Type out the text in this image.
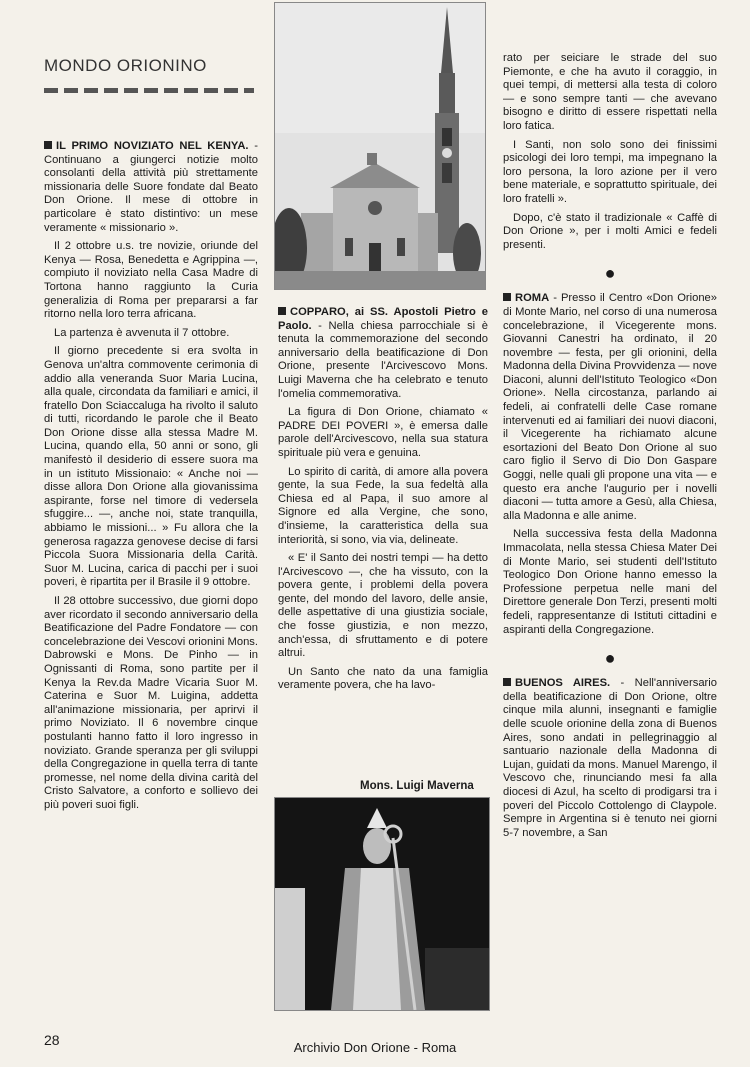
MONDO ORIONINO

IL PRIMO NOVIZIATO NEL KENYA. - Continuano a giungerci notizie molto consolanti della attività più strettamente missionaria delle Suore fondate dal Beato Don Orione. Il mese di ottobre in particolare è stato distintivo: un mese veramente « missionario ».

Il 2 ottobre u.s. tre novizie, oriunde del Kenya — Rosa, Benedetta e Agrippina —, compiuto il noviziato nella Casa Madre di Tortona hanno raggiunto la Curia generalizia di Roma per prepararsi a far ritorno nella loro terra africana.

La partenza è avvenuta il 7 ottobre.

Il giorno precedente si era svolta in Genova un'altra commovente cerimonia di addio alla veneranda Suor Maria Lucina, alla quale, circondata da familiari e amici, il fratello Don Sciaccaluga ha rivolto il saluto di tutti, ricordando le parole che il Beato Don Orione disse alla stessa Madre M. Lucina, quando ella, 50 anni or sono, gli manifestò il desiderio di essere suora ma in un istituto Missionaio: « Anche noi — disse allora Don Orione alla giovanissima aspirante, forse nel timore di vedersela sfuggire... —, anche noi, state tranquilla, abbiamo le missioni... » Fu allora che la generosa ragazza genovese decise di farsi Piccola Suora Missionaria della Carità. Suor M. Lucina, carica di pacchi per i suoi poveri, è ripartita per il Brasile il 9 ottobre.

Il 28 ottobre successivo, due giorni dopo aver ricordato il secondo anniversario della Beatificazione del Padre Fondatore — con concelebrazione dei Vescovi orionini Mons. Dabrowski e Mons. De Pinho — in Ognissanti di Roma, sono partite per il Kenya la Rev.da Madre Vicaria Suor M. Caterina e Suor M. Luigina, addetta all'animazione missionaria, per aprirvi il primo Noviziato. Il 6 novembre cinque postulanti hanno fatto il loro ingresso in noviziato. Grande speranza per gli sviluppi della Congregazione in quella terra di tante promesse, nel nome della divina carità del Cristo Salvatore, a conforto e sollievo dei più poveri suoi figli.

COPPARO, ai SS. Apostoli Pietro e Paolo. - Nella chiesa parrocchiale si è tenuta la commemorazione del secondo anniversario della beatificazione di Don Orione, presente l'Arcivescovo Mons. Luigi Maverna che ha celebrato e tenuto l'omelia commemorativa.

La figura di Don Orione, chiamato « PADRE DEI POVERI », è emersa dalle parole dell'Arcivescovo, nella sua statura spirituale più vera e genuina.

Lo spirito di carità, di amore alla povera gente, la sua Fede, la sua fedeltà alla Chiesa ed al Papa, il suo amore al Signore ed alla Vergine, che sono, d'insieme, la caratteristica della sua interiorità, si sono, via via, delineate.

« E' il Santo dei nostri tempi — ha detto l'Arcivescovo —, che ha vissuto, con la povera gente, i problemi della povera gente, del mondo del lavoro, delle ansie, delle aspettative di una giustizia sociale, che fosse giustizia, e non mezzo, anch'essa, di sfruttamento e di potere altrui.

Un Santo che nato da una famiglia veramente povera, che ha lavo-

Mons. Luigi Maverna

rato per seiciare le strade del suo Piemonte, e che ha avuto il coraggio, in quei tempi, di mettersi alla testa di coloro — e sono sempre tanti — che avevano bisogno e diritto di essere rispettati nella loro fatica.

I Santi, non solo sono dei finissimi psicologi dei loro tempi, ma impegnano la loro persona, la loro azione per il vero bene materiale, e soprattutto spirituale, dei loro fratelli ».

Dopo, c'è stato il tradizionale « Caffè di Don Orione », per i molti Amici e fedeli presenti.

●

ROMA - Presso il Centro «Don Orione» di Monte Mario, nel corso di una numerosa concelebrazione, il Vicegerente mons. Giovanni Canestri ha ordinato, il 20 novembre — festa, per gli orionini, della Madonna della Divina Provvidenza — nove Diaconi, alunni dell'Istituto Teologico «Don Orione». Nella circostanza, parlando ai fedeli, ai confratelli delle Case romane intervenuti ed ai familiari dei nuovi diaconi, il Vicegerente ha richiamato alcune esortazioni del Beato Don Orione al suo caro figlio il Servo di Dio Don Gaspare Goggi, nelle quali gli propone una vita — e questo era anche l'augurio per i novelli diaconi — tutta amore a Gesù, alla Chiesa, alla Madonna e alle anime.

Nella successiva festa della Madonna Immacolata, nella stessa Chiesa Mater Dei di Monte Mario, sei studenti dell'Istituto Teologico Don Orione hanno emesso la Professione perpetua nelle mani del Direttore generale Don Terzi, presenti molti fedeli, rappresentanze di Istituti cittadini e aspiranti della Congregazione.

●

BUENOS AIRES. - Nell'anniversario della beatificazione di Don Orione, oltre cinque mila alunni, insegnanti e famiglie delle scuole orionine della zona di Buenos Aires, sono andati in pellegrinaggio al santuario nazionale della Madonna di Lujan, guidati da mons. Manuel Marengo, il Vescovo che, rinunciando mesi fa alla diocesi di Azul, ha scelto di prodigarsi tra i poveri del Piccolo Cottolengo di Claypole. Sempre in Argentina si è tenuto nei giorni 5-7 novembre, a San

28	Archivio Don Orione - Roma
